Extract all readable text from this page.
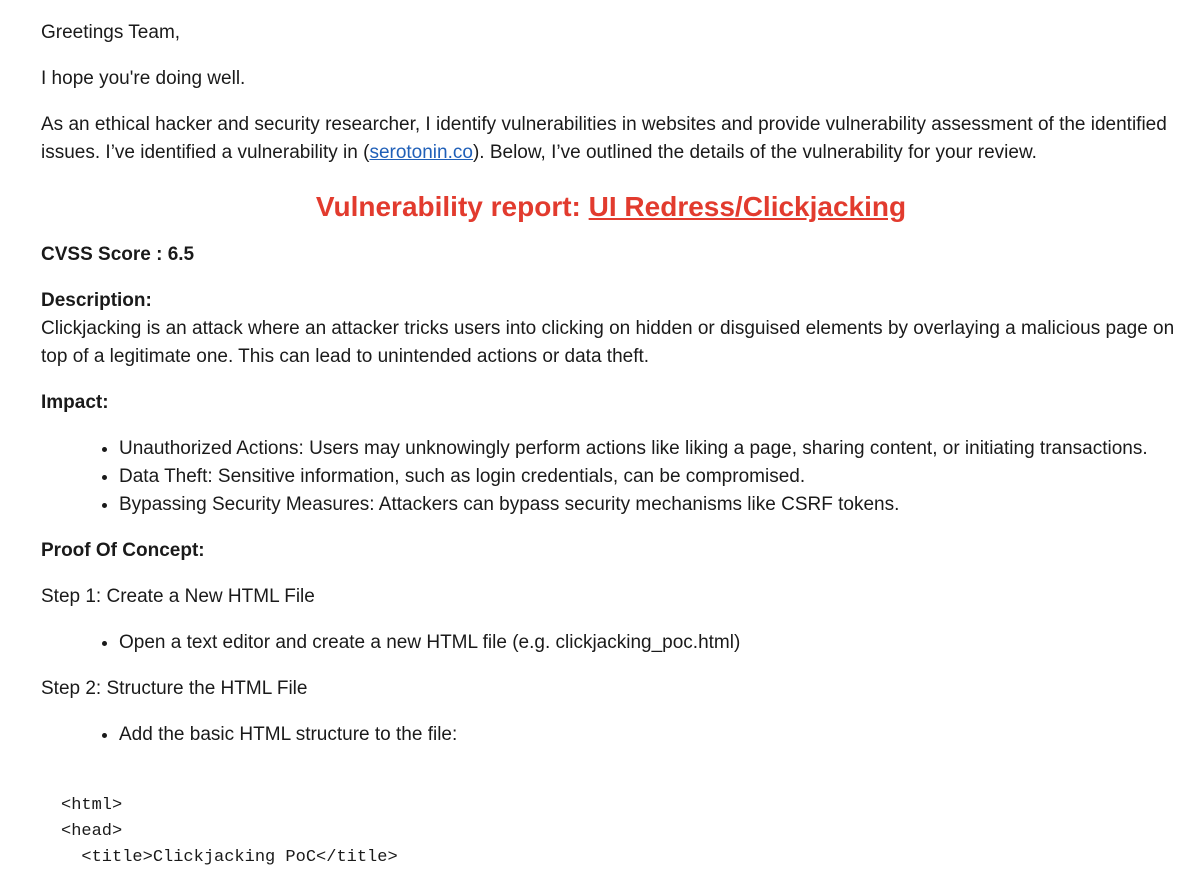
Greetings Team,

I hope you're doing well.

As an ethical hacker and security researcher, I identify vulnerabilities in websites and provide vulnerability assessment of the identified issues. I’ve identified a vulnerability in (serotonin.co). Below, I’ve outlined the details of the vulnerability for your review.

Vulnerability report: UI Redress/Clickjacking

CVSS Score : 6.5

Description:

Clickjacking is an attack where an attacker tricks users into clicking on hidden or disguised elements by overlaying a malicious page on top of a legitimate one. This can lead to unintended actions or data theft.

Impact:

• Unauthorized Actions: Users may unknowingly perform actions like liking a page, sharing content, or initiating transactions.
• Data Theft: Sensitive information, such as login credentials, can be compromised.
• Bypassing Security Measures: Attackers can bypass security mechanisms like CSRF tokens.

Proof Of Concept:

Step 1: Create a New HTML File

• Open a text editor and create a new HTML file (e.g. clickjacking_poc.html)

Step 2: Structure the HTML File

• Add the basic HTML structure to the file:
<html>
<head>
<title>Clickjacking PoC</title>
